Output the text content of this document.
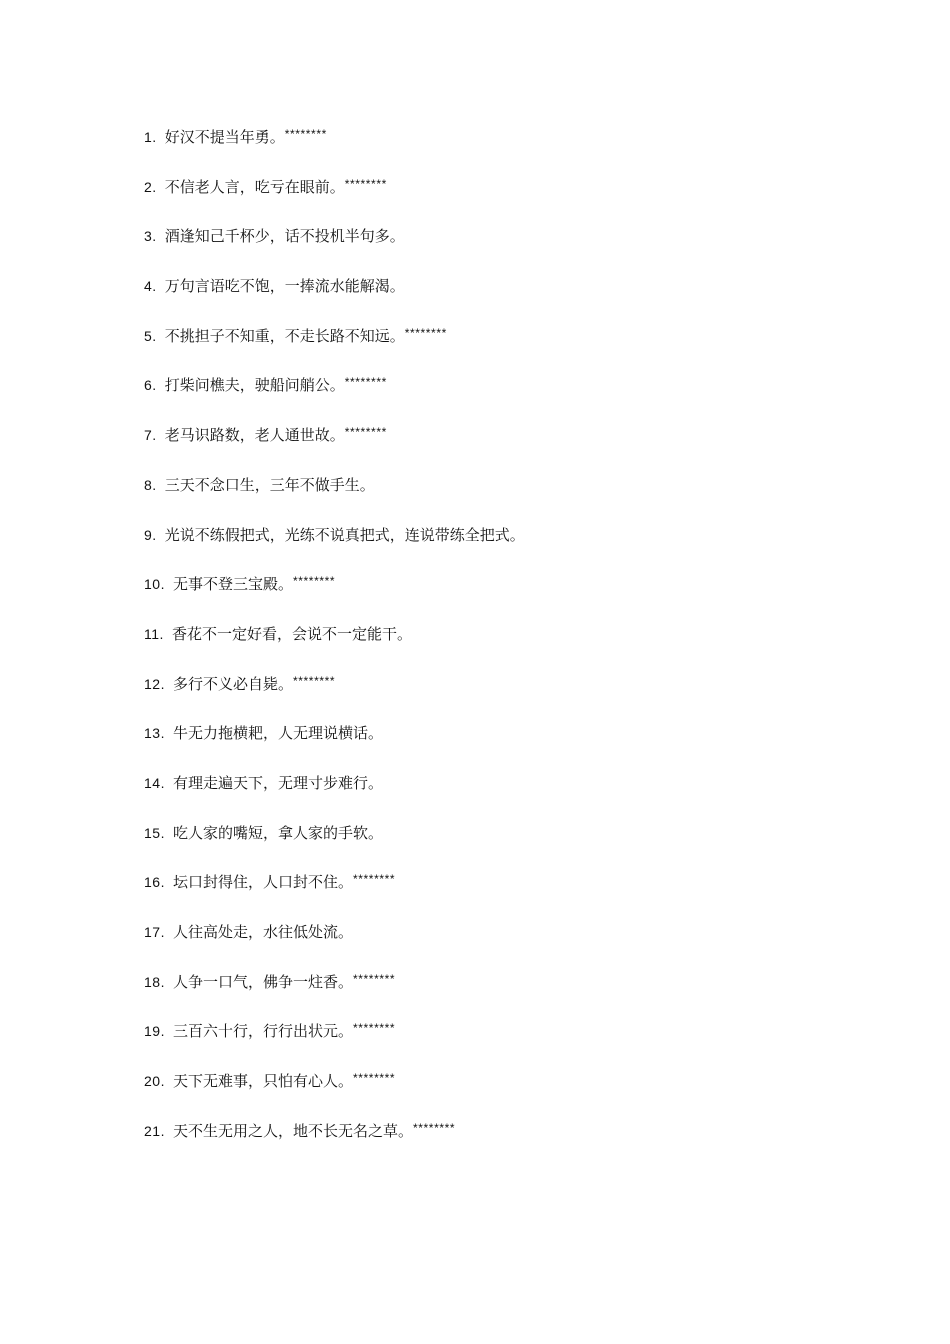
1. 好汉不提当年勇。 ********
2. 不信老人言，吃亏在眼前。 ********
3. 酒逢知己千杯少，话不投机半句多。
4. 万句言语吃不饱，一捧流水能解渴。
5. 不挑担子不知重，不走长路不知远。 ********
6. 打柴问樵夫，驶船问艄公。 ********
7. 老马识路数，老人通世故。 ********
8. 三天不念口生，三年不做手生。
9. 光说不练假把式，光练不说真把式，连说带练全把式。
10. 无事不登三宝殿。 ********
11. 香花不一定好看，会说不一定能干。
12. 多行不义必自毙。 ********
13. 牛无力拖横耙，人无理说横话。
14. 有理走遍天下，无理寸步难行。
15. 吃人家的嘴短，拿人家的手软。
16. 坛口封得住，人口封不住。 ********
17. 人往高处走，水往低处流。
18. 人争一口气，佛争一炷香。 ********
19. 三百六十行，行行出状元。 ********
20. 天下无难事，只怕有心人。 ********
21. 天不生无用之人，地不长无名之草。 ********
